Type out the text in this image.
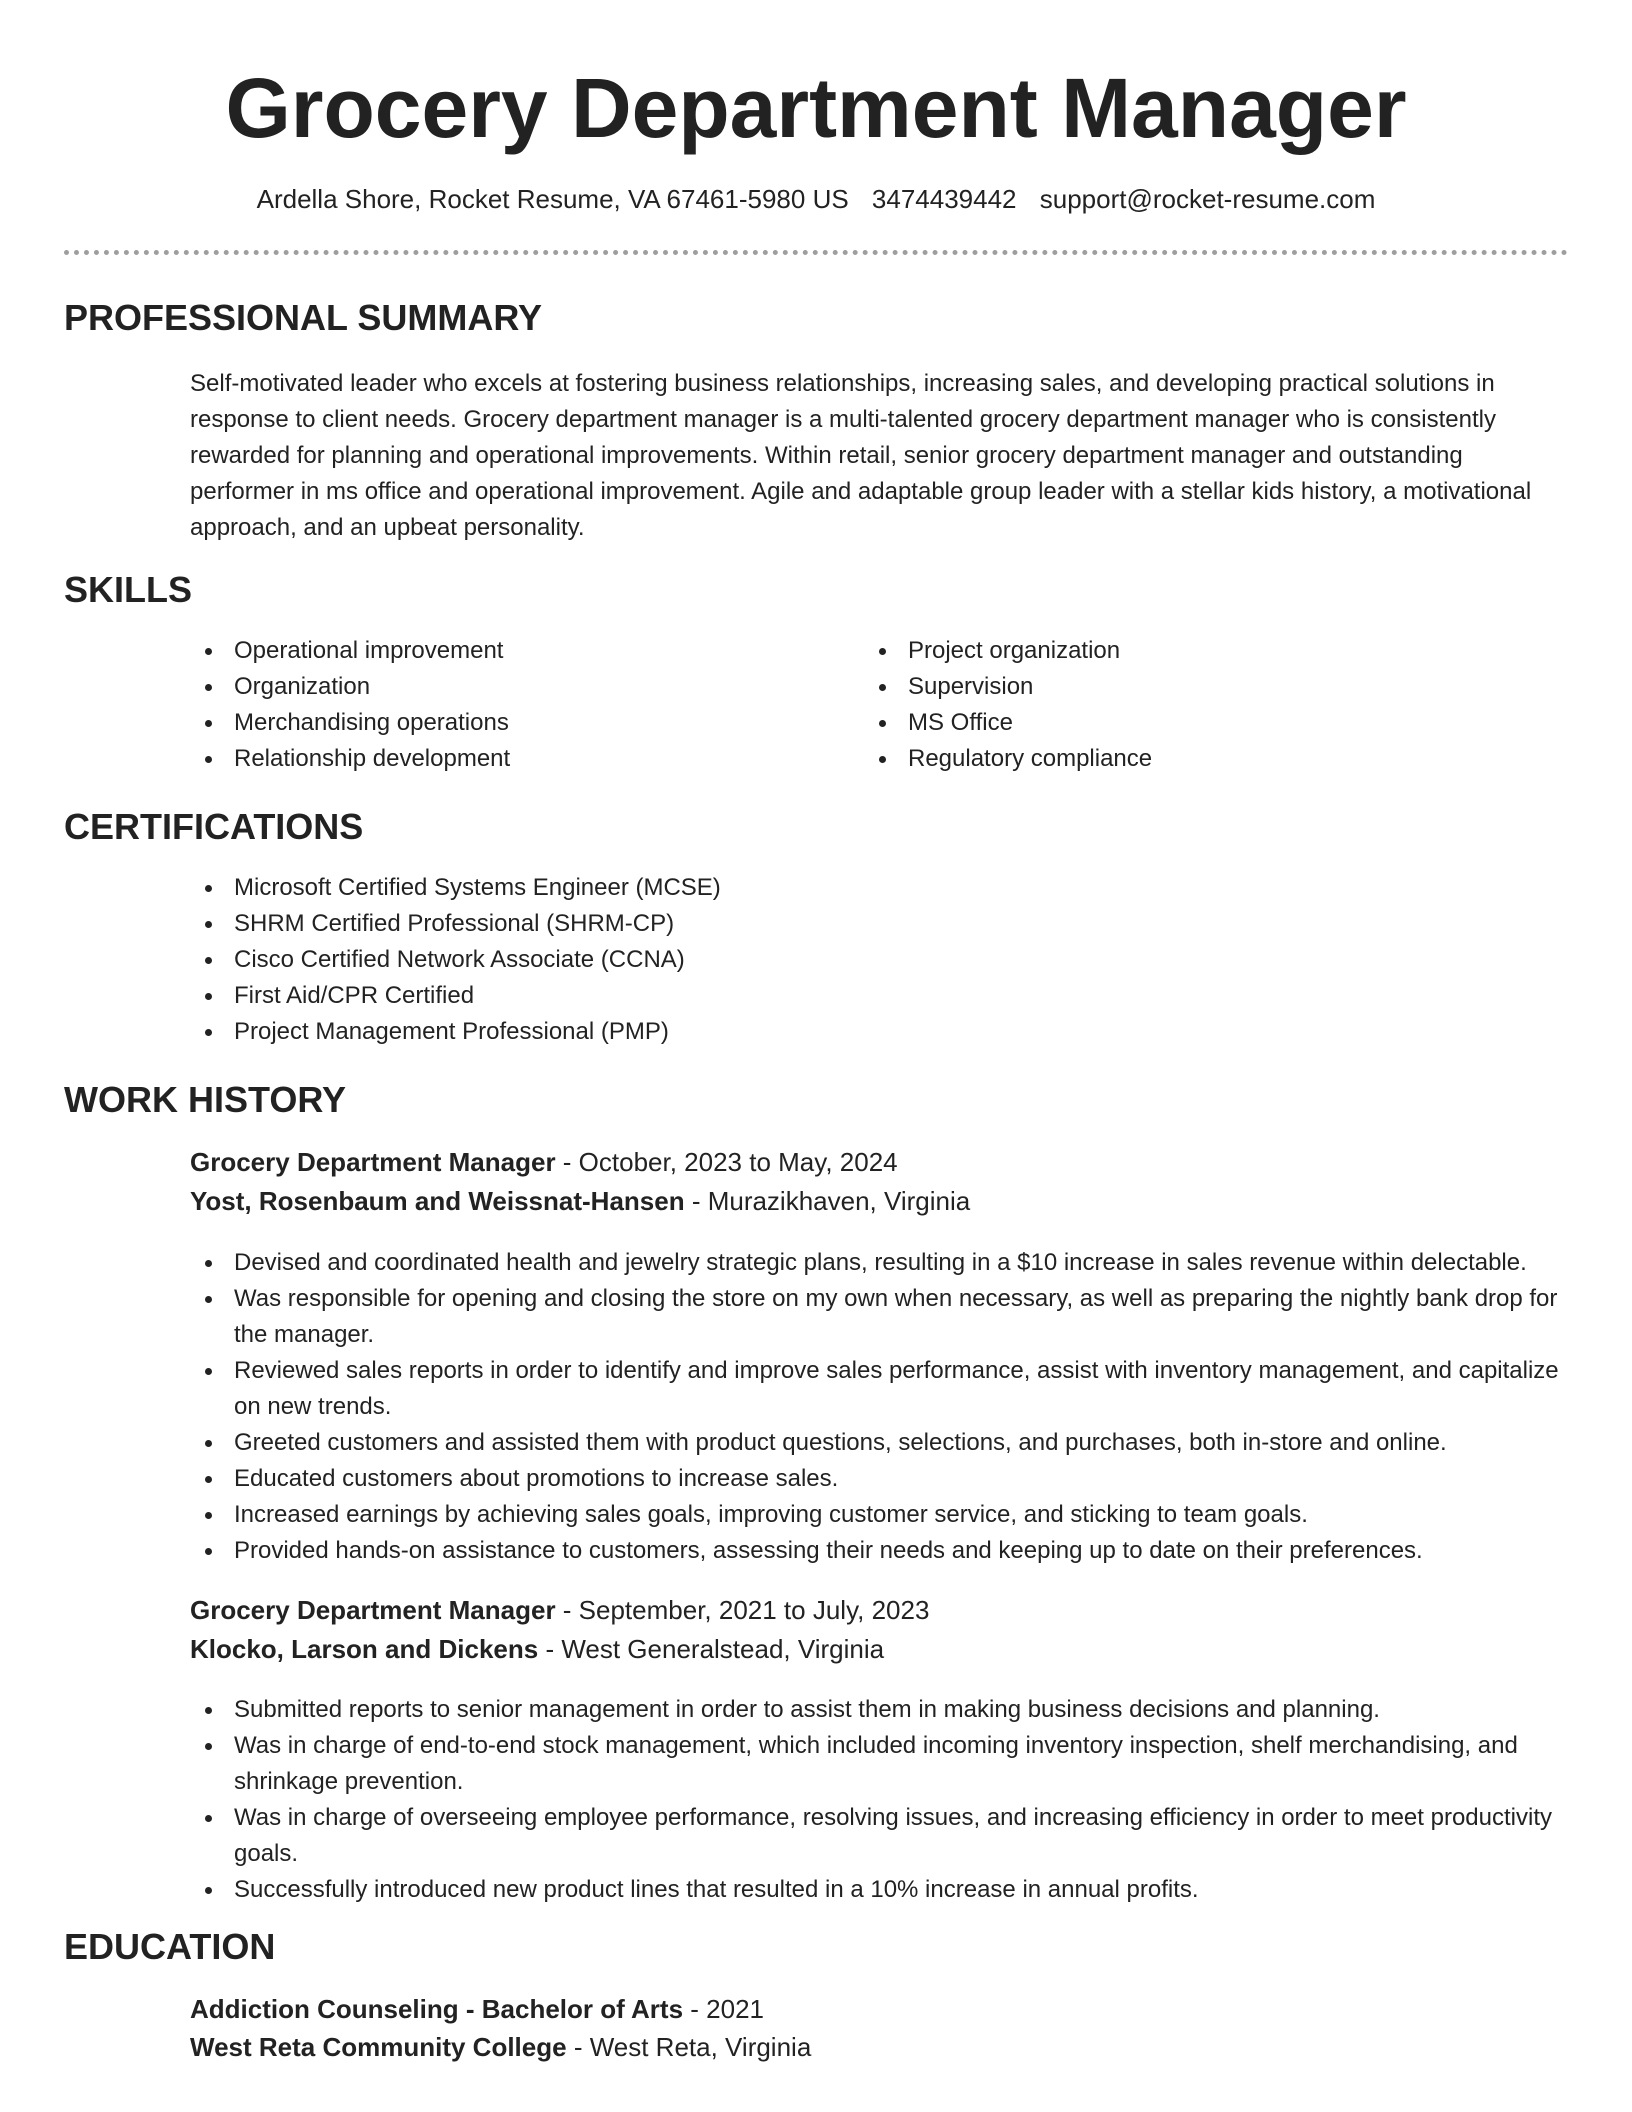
Grocery Department Manager
Ardella Shore, Rocket Resume, VA 67461-5980 US 3474439442 support@rocket-resume.com
PROFESSIONAL SUMMARY

Self-motivated leader who excels at fostering business relationships, increasing sales, and developing practical solutions in response to client needs. Grocery department manager is a multi-talented grocery department manager who is consistently rewarded for planning and operational improvements. Within retail, senior grocery department manager and outstanding performer in ms office and operational improvement. Agile and adaptable group leader with a stellar kids history, a motivational approach, and an upbeat personality.

SKILLS
Operational improvement
Organization
Merchandising operations
Relationship development
Project organization
Supervision
MS Office
Regulatory compliance
CERTIFICATIONS
Microsoft Certified Systems Engineer (MCSE)
SHRM Certified Professional (SHRM-CP)
Cisco Certified Network Associate (CCNA)
First Aid/CPR Certified
Project Management Professional (PMP)
WORK HISTORY
Grocery Department Manager - October, 2023 to May, 2024
Yost, Rosenbaum and Weissnat-Hansen - Murazikhaven, Virginia
Devised and coordinated health and jewelry strategic plans, resulting in a $10 increase in sales revenue within delectable.
Was responsible for opening and closing the store on my own when necessary, as well as preparing the nightly bank drop for the manager.
Reviewed sales reports in order to identify and improve sales performance, assist with inventory management, and capitalize on new trends.
Greeted customers and assisted them with product questions, selections, and purchases, both in-store and online.
Educated customers about promotions to increase sales.
Increased earnings by achieving sales goals, improving customer service, and sticking to team goals.
Provided hands-on assistance to customers, assessing their needs and keeping up to date on their preferences.
Grocery Department Manager - September, 2021 to July, 2023
Klocko, Larson and Dickens - West Generalstead, Virginia
Submitted reports to senior management in order to assist them in making business decisions and planning.
Was in charge of end-to-end stock management, which included incoming inventory inspection, shelf merchandising, and shrinkage prevention.
Was in charge of overseeing employee performance, resolving issues, and increasing efficiency in order to meet productivity goals.
Successfully introduced new product lines that resulted in a 10% increase in annual profits.
EDUCATION
Addiction Counseling - Bachelor of Arts - 2021
West Reta Community College - West Reta, Virginia
